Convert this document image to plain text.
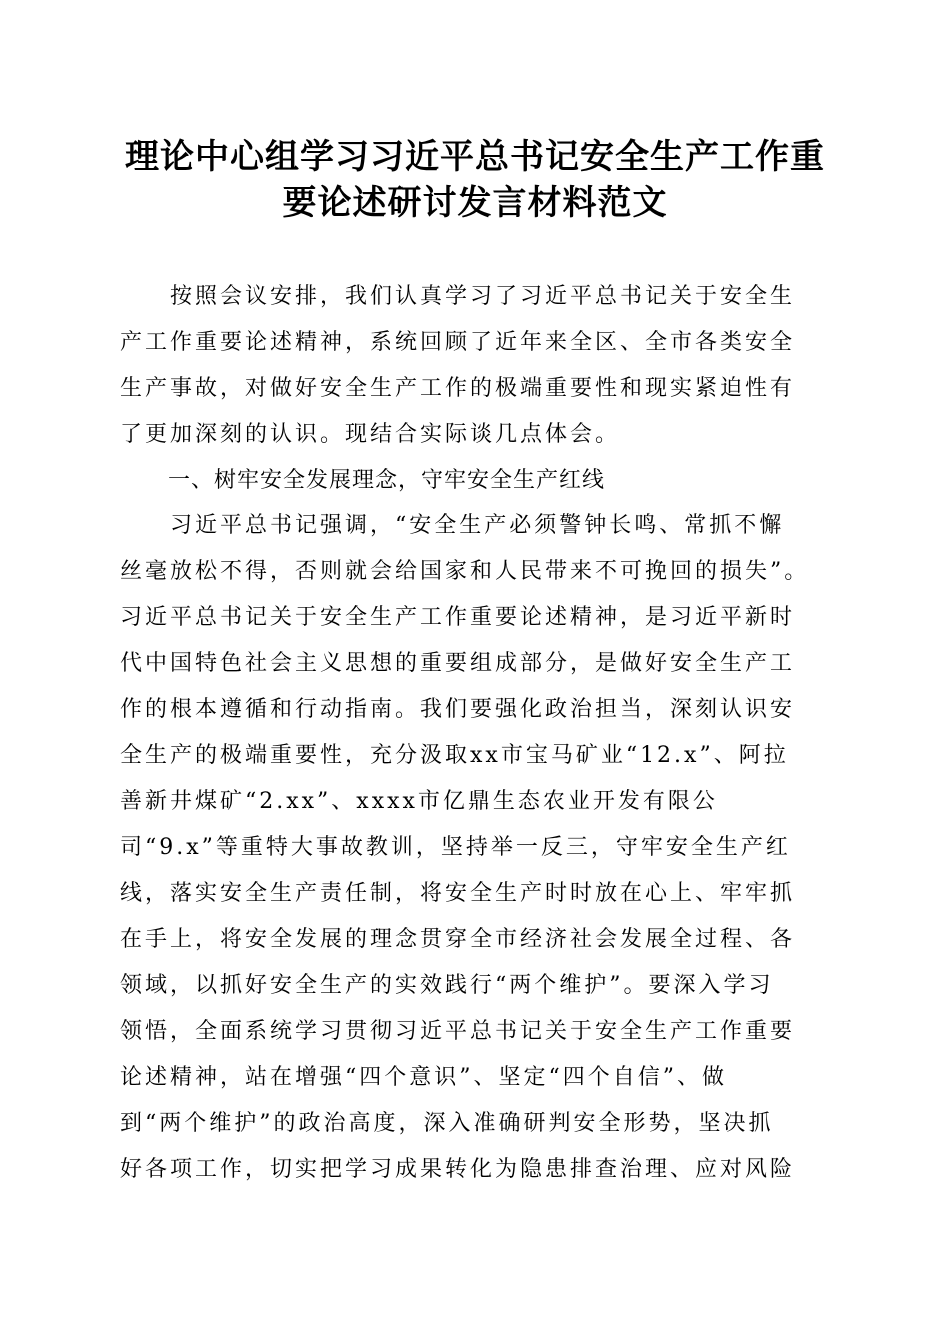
理论中心组学习习近平总书记安全生产工作重
要论述研讨发言材料范文
　　按照会议安排，我们认真学习了习近平总书记关于安全生
产工作重要论述精神，系统回顾了近年来全区、全市各类安全
生产事故，对做好安全生产工作的极端重要性和现实紧迫性有
了更加深刻的认识。现结合实际谈几点体会。
一、树牢安全发展理念，守牢安全生产红线
　　习近平总书记强调，“安全生产必须警钟长鸣、常抓不懈
丝毫放松不得，否则就会给国家和人民带来不可挽回的损失”。
习近平总书记关于安全生产工作重要论述精神，是习近平新时
代中国特色社会主义思想的重要组成部分，是做好安全生产工
作的根本遵循和行动指南。我们要强化政治担当，深刻认识安
全生产的极端重要性，充分汲取xx市宝马矿业“12.x”、阿拉
善新井煤矿“2.xx”、xxxx市亿鼎生态农业开发有限公
司“9.x”等重特大事故教训，坚持举一反三，守牢安全生产红
线，落实安全生产责任制，将安全生产时时放在心上、牢牢抓
在手上，将安全发展的理念贯穿全市经济社会发展全过程、各
领域，以抓好安全生产的实效践行“两个维护”。要深入学习
领悟，全面系统学习贯彻习近平总书记关于安全生产工作重要
论述精神，站在增强“四个意识”、坚定“四个自信”、做
到“两个维护”的政治高度，深入准确研判安全形势，坚决抓
好各项工作，切实把学习成果转化为隐患排查治理、应对风险
